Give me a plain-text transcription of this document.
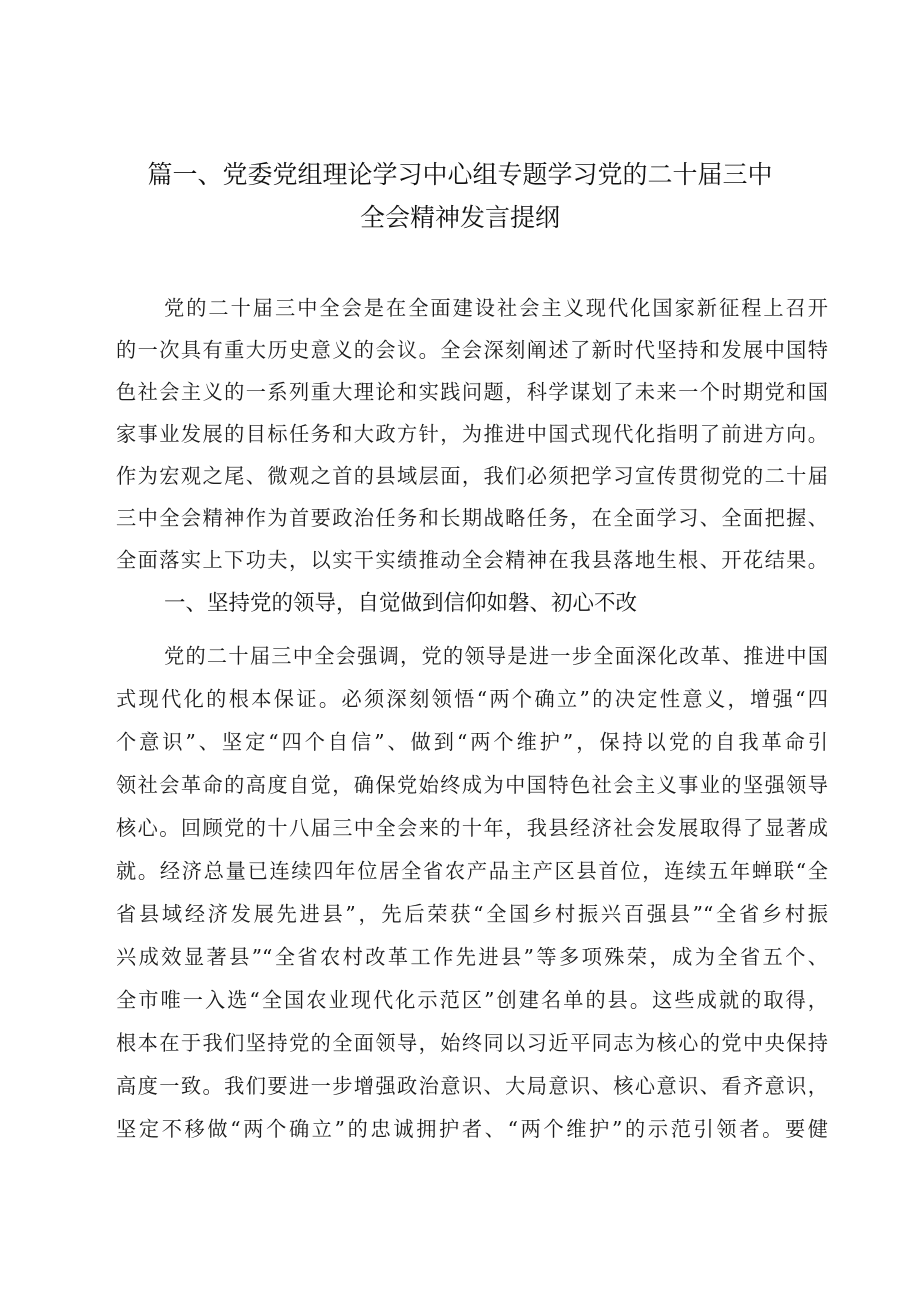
篇一、党委党组理论学习中心组专题学习党的二十届三中
全会精神发言提纲
党的二十届三中全会是在全面建设社会主义现代化国家新征程上召开
的一次具有重大历史意义的会议。全会深刻阐述了新时代坚持和发展中国特
色社会主义的一系列重大理论和实践问题，科学谋划了未来一个时期党和国
家事业发展的目标任务和大政方针，为推进中国式现代化指明了前进方向。
作为宏观之尾、微观之首的县域层面，我们必须把学习宣传贯彻党的二十届
三中全会精神作为首要政治任务和长期战略任务，在全面学习、全面把握、
全面落实上下功夫，以实干实绩推动全会精神在我县落地生根、开花结果。
一、坚持党的领导，自觉做到信仰如磐、初心不改
党的二十届三中全会强调，党的领导是进一步全面深化改革、推进中国
式现代化的根本保证。必须深刻领悟“两个确立”的决定性意义，增强“四
个意识”、坚定“四个自信”、做到“两个维护”，保持以党的自我革命引
领社会革命的高度自觉，确保党始终成为中国特色社会主义事业的坚强领导
核心。回顾党的十八届三中全会来的十年，我县经济社会发展取得了显著成
就。经济总量已连续四年位居全省农产品主产区县首位，连续五年蝉联“全
省县域经济发展先进县”，先后荣获“全国乡村振兴百强县”“全省乡村振
兴成效显著县”“全省农村改革工作先进县”等多项殊荣，成为全省五个、
全市唯一入选“全国农业现代化示范区”创建名单的县。这些成就的取得，
根本在于我们坚持党的全面领导，始终同以习近平同志为核心的党中央保持
高度一致。我们要进一步增强政治意识、大局意识、核心意识、看齐意识，
坚定不移做“两个确立”的忠诚拥护者、“两个维护”的示范引领者。要健
